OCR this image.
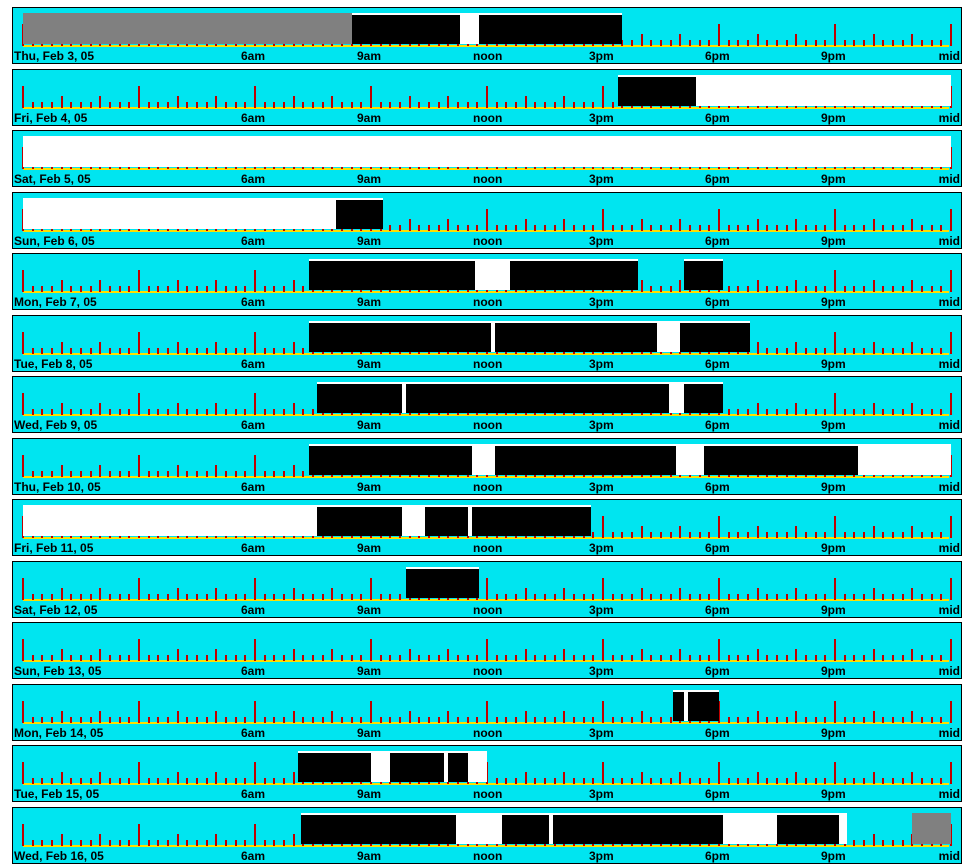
Thu, Feb 3, 05	6am	9am	noon	3pm	6pm	9pm	mid
Fri, Feb 4, 05	6am	9am	noon	3pm	6pm	9pm	mid
Sat, Feb 5, 05	6am	9am	noon	3pm	6pm	9pm	mid
Sun, Feb 6, 05	6am	9am	noon	3pm	6pm	9pm	mid
Mon, Feb 7, 05	6am	9am	noon	3pm	6pm	9pm	mid
Tue, Feb 8, 05	6am	9am	noon	3pm	6pm	9pm	mid
Wed, Feb 9, 05	6am	9am	noon	3pm	6pm	9pm	mid
Thu, Feb 10, 05	6am	9am	noon	3pm	6pm	9pm	mid
Fri, Feb 11, 05	6am	9am	noon	3pm	6pm	9pm	mid
Sat, Feb 12, 05	6am	9am	noon	3pm	6pm	9pm	mid
Sun, Feb 13, 05	6am	9am	noon	3pm	6pm	9pm	mid
Mon, Feb 14, 05	6am	9am	noon	3pm	6pm	9pm	mid
Tue, Feb 15, 05	6am	9am	noon	3pm	6pm	9pm	mid
Wed, Feb 16, 05	6am	9am	noon	3pm	6pm	9pm	mid
